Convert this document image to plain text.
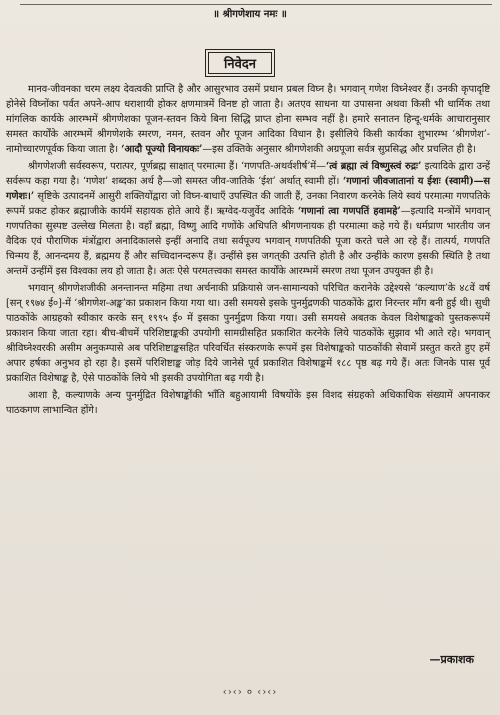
॥ श्रीगणेशाय नमः ॥
निवेदन

मानव-जीवनका चरम लक्ष्य देवत्वकी प्राप्ति है और आसुरभाव उसमें प्रधान प्रबल विघ्न है। भगवान् गणेश विघ्नेश्वर हैं। उनकी कृपादृष्टि होनेसे विघ्नोंका पर्वत अपने-आप धराशायी होकर क्षणमात्रमें विनष्ट हो जाता है। अतएव साधना या उपासना अथवा किसी भी धार्मिक तथा मांगलिक कार्यके आरम्भमें श्रीगणेशका पूजन-स्तवन किये बिना सिद्धि प्राप्त होना सम्भव नहीं है। हमारे सनातन हिन्दू-धर्मके आचारानुसार समस्त कार्योंके आरम्भमें श्रीगणेशके स्मरण, नमन, स्तवन और पूजन आदिका विधान है। इसीलिये किसी कार्यका शुभारम्भ ‘श्रीगणेश’-नामोच्चारणपूर्वक किया जाता है। ‘आदौ पूज्यो विनायकः’—इस उक्तिके अनुसार श्रीगणेशकी अग्रपूजा सर्वत्र सुप्रसिद्ध और प्रचलित ही है।

श्रीगणेशजी सर्वस्वरूप, परात्पर, पूर्णब्रह्म साक्षात् परमात्मा हैं। ‘गणपति-अथर्वशीर्ष’में—‘त्वं ब्रह्मा त्वं विष्णुस्त्वं रुद्रः’ इत्यादिके द्वारा उन्हें सर्वरूप कहा गया है। ‘गणेश’ शब्दका अर्थ है—जो समस्त जीव-जातिके ‘ईश’ अर्थात् स्वामी हों। ‘गणानां जीवजातानां य ईशः (स्वामी)—स गणेशः।’ सृष्टिके उत्पादनमें आसुरी शक्तियोंद्वारा जो विघ्न-बाधाएँ उपस्थित की जाती हैं, उनका निवारण करनेके लिये स्वयं परमात्मा गणपतिके रूपमें प्रकट होकर ब्रह्माजीके कार्यमें सहायक होते आये हैं। ऋग्वेद-यजुर्वेद आदिके ‘गणानां त्वा गणपतिं हवामहे’—इत्यादि मन्त्रोंमें भगवान् गणपतिका सुस्पष्ट उल्लेख मिलता है। वहाँ ब्रह्मा, विष्णु आदि गणोंके अधिपति श्रीगणनायक ही परमात्मा कहे गये हैं। धर्मप्राण भारतीय जन वैदिक एवं पौराणिक मंत्रोंद्वारा अनादिकालसे इन्हीं अनादि तथा सर्वपूज्य भगवान् गणपतिकी पूजा करते चले आ रहे हैं। तात्पर्य, गणपति चिन्मय हैं, आनन्दमय हैं, ब्रह्ममय हैं और सच्चिदानन्दरूप हैं। उन्हींसे इस जगत्‌की उत्पत्ति होती है और उन्हींके कारण इसकी स्थिति है तथा अन्तमें उन्हींमें इस विश्वका लय हो जाता है। अतः ऐसे परमतत्त्वका समस्त कार्योंके आरम्भमें स्मरण तथा पूजन उपयुक्त ही है।

भगवान् श्रीगणेशजीकी अनन्तानन्त महिमा तथा अर्चनाकी प्रक्रियासे जन-सामान्यको परिचित करानेके उद्देश्यसे ‘कल्याण’के ४८वें वर्ष [सन् १९७४ ई०]-में ‘श्रीगणेश-अङ्क’का प्रकाशन किया गया था। उसी समयसे इसके पुनर्मुद्रणकी पाठकोंके द्वारा निरन्तर माँग बनी हुई थी। सुधी पाठकोंके आग्रहको स्वीकार करके सन् १९९५ ई० में इसका पुनर्मुद्रण किया गया। उसी समयसे अबतक केवल विशेषाङ्कको पुस्तकरूपमें प्रकाशन किया जाता रहा। बीच-बीचमें परिशिष्टाङ्ककी उपयोगी सामग्रीसहित प्रकाशित करनेके लिये पाठकोंके सुझाव भी आते रहे। भगवान् श्रीविघ्नेश्वरकी असीम अनुकम्पासे अब परिशिष्टाङ्कसहित परिवर्धित संस्करणके रूपमें इस विशेषाङ्कको पाठकोंकी सेवामें प्रस्तुत करते हुए हमें अपार हर्षका अनुभव हो रहा है। इसमें परिशिष्टाङ्क जोड़ दिये जानेसे पूर्व प्रकाशित विशेषाङ्कमें १८८ पृष्ठ बढ़ गये हैं। अतः जिनके पास पूर्व प्रकाशित विशेषाङ्क है, ऐसे पाठकोंके लिये भी इसकी उपयोगिता बढ़ गयी है।

आशा है, कल्याणके अन्य पुनर्मुद्रित विशेषाङ्कोंकी भाँति बहुआयामी विषयोंके इस विशद संग्रहको अधिकाधिक संख्यामें अपनाकर पाठकगण लाभान्वित होंगे।

—प्रकाशक
‹›‹› ० ‹›‹›
